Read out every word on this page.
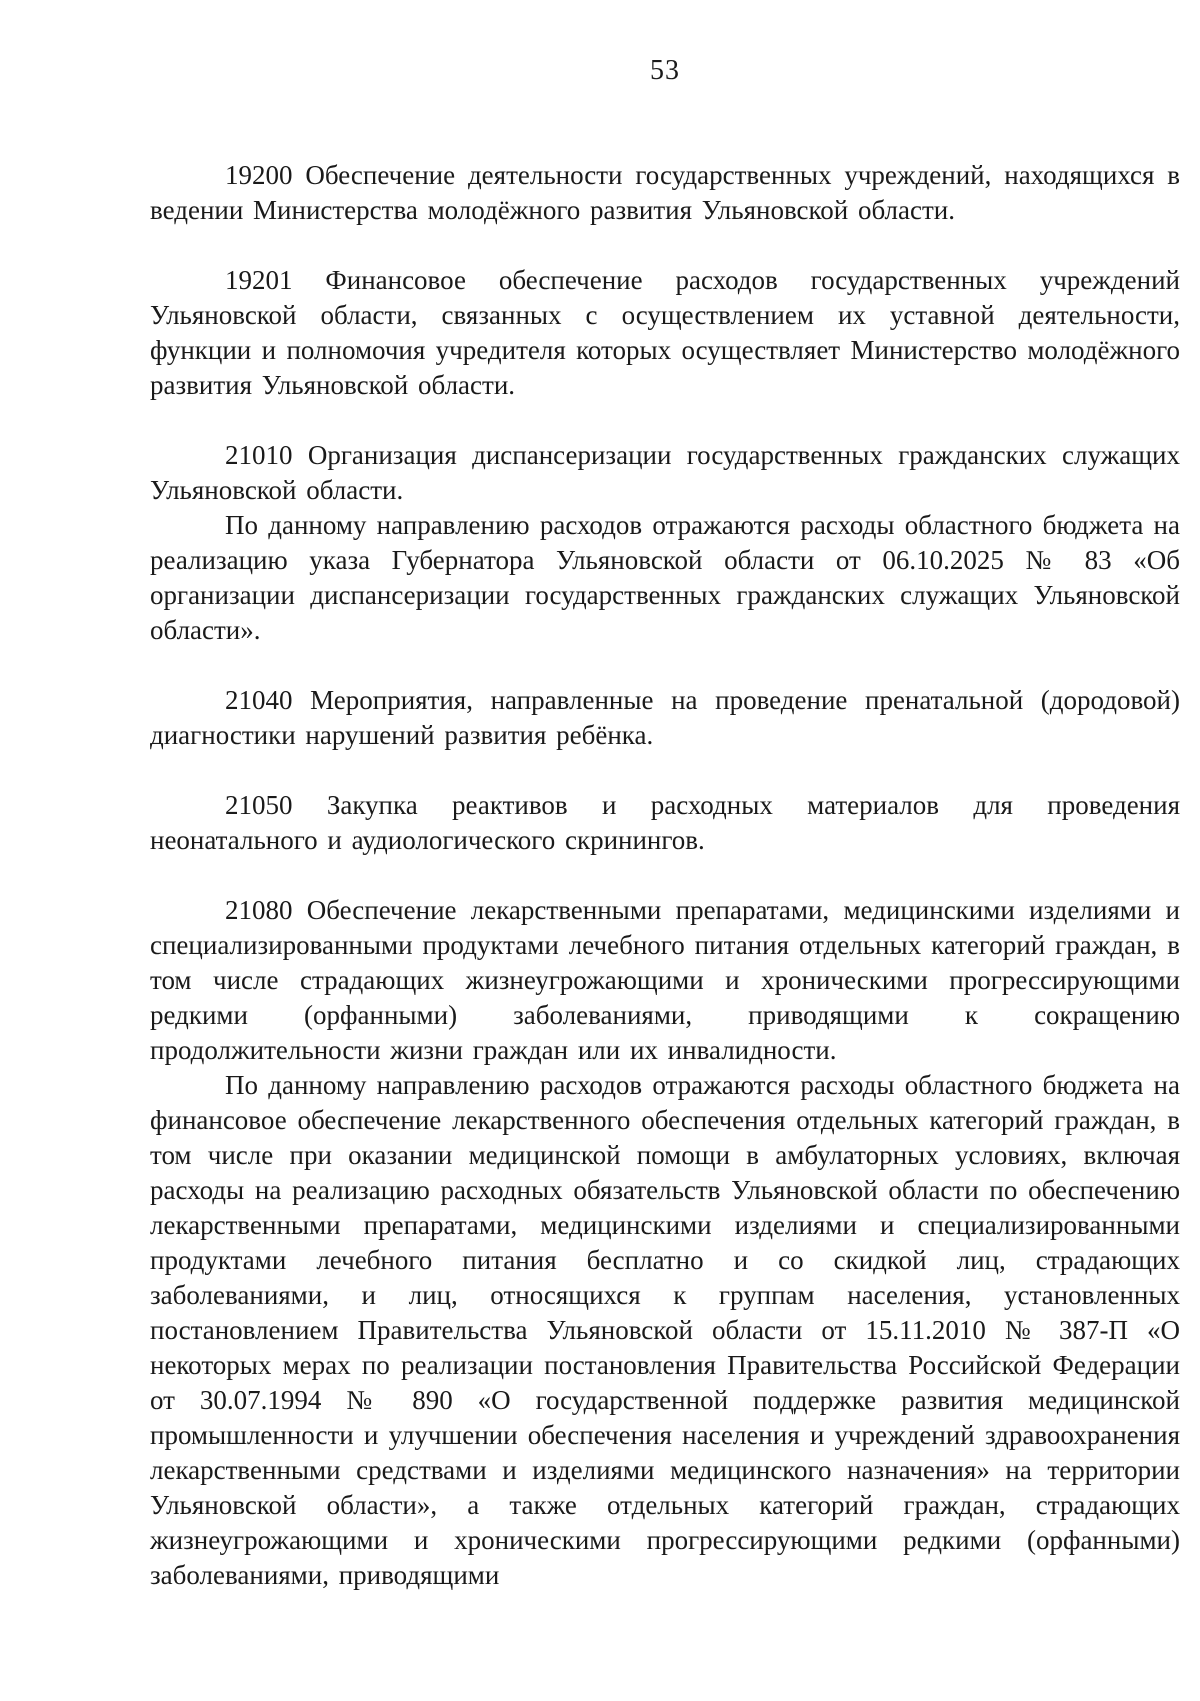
53

19200 Обеспечение деятельности государственных учреждений, находящихся в ведении Министерства молодёжного развития Ульяновской области.

19201 Финансовое обеспечение расходов государственных учреждений Ульяновской области, связанных с осуществлением их уставной деятельности, функции и полномочия учредителя которых осуществляет Министерство молодёжного развития Ульяновской области.

21010 Организация диспансеризации государственных гражданских служащих Ульяновской области.

По данному направлению расходов отражаются расходы областного бюджета на реализацию указа Губернатора Ульяновской области от 06.10.2025 № 83 «Об организации диспансеризации государственных гражданских служащих Ульяновской области».

21040 Мероприятия, направленные на проведение пренатальной (дородовой) диагностики нарушений развития ребёнка.

21050 Закупка реактивов и расходных материалов для проведения неонатального и аудиологического скринингов.

21080 Обеспечение лекарственными препаратами, медицинскими изделиями и специализированными продуктами лечебного питания отдельных категорий граждан, в том числе страдающих жизнеугрожающими и хроническими прогрессирующими редкими (орфанными) заболеваниями, приводящими к сокращению продолжительности жизни граждан или их инвалидности.

По данному направлению расходов отражаются расходы областного бюджета на финансовое обеспечение лекарственного обеспечения отдельных категорий граждан, в том числе при оказании медицинской помощи в амбулаторных условиях, включая расходы на реализацию расходных обязательств Ульяновской области по обеспечению лекарственными препаратами, медицинскими изделиями и специализированными продуктами лечебного питания бесплатно и со скидкой лиц, страдающих заболеваниями, и лиц, относящихся к группам населения, установленных постановлением Правительства Ульяновской области от 15.11.2010 № 387-П «О некоторых мерах по реализации постановления Правительства Российской Федерации от 30.07.1994 № 890 «О государственной поддержке развития медицинской промышленности и улучшении обеспечения населения и учреждений здравоохранения лекарственными средствами и изделиями медицинского назначения» на территории Ульяновской области», а также отдельных категорий граждан, страдающих жизнеугрожающими и хроническими прогрессирующими редкими (орфанными) заболеваниями, приводящими
